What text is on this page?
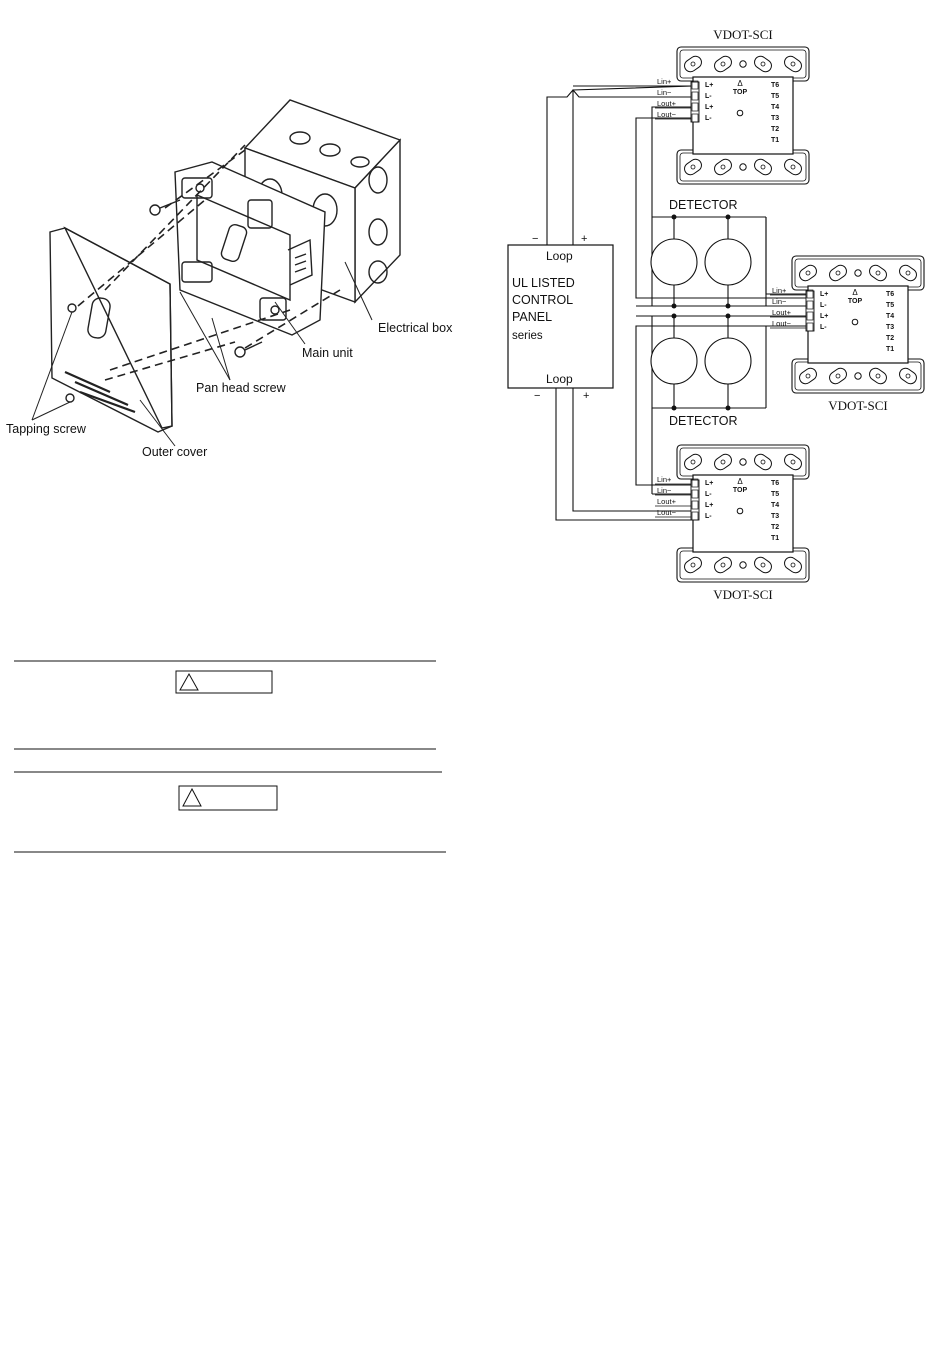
Electrical box
Main unit
Pan head screw
Tapping screw
Outer cover
Loop
UL LISTED
CONTROL
PANEL
series
Loop
−	+
−	+
DETECTOR
DETECTOR
VDOT-SCI
Δ
TOP
L+
L-
L+
L-
T6
T5
T4
T3
T2
T1
Lin+
Lin−
Lout+
Lout−
VDOT-SCI
Δ
TOP
L+
L-
L+
L-
T6
T5
T4
T3
T2
T1
Lin+
Lin−
Lout+
Lout−
VDOT-SCI
Δ
TOP
L+
L-
L+
L-
T6
T5
T4
T3
T2
T1
Lin+
Lin−
Lout+
Lout−
